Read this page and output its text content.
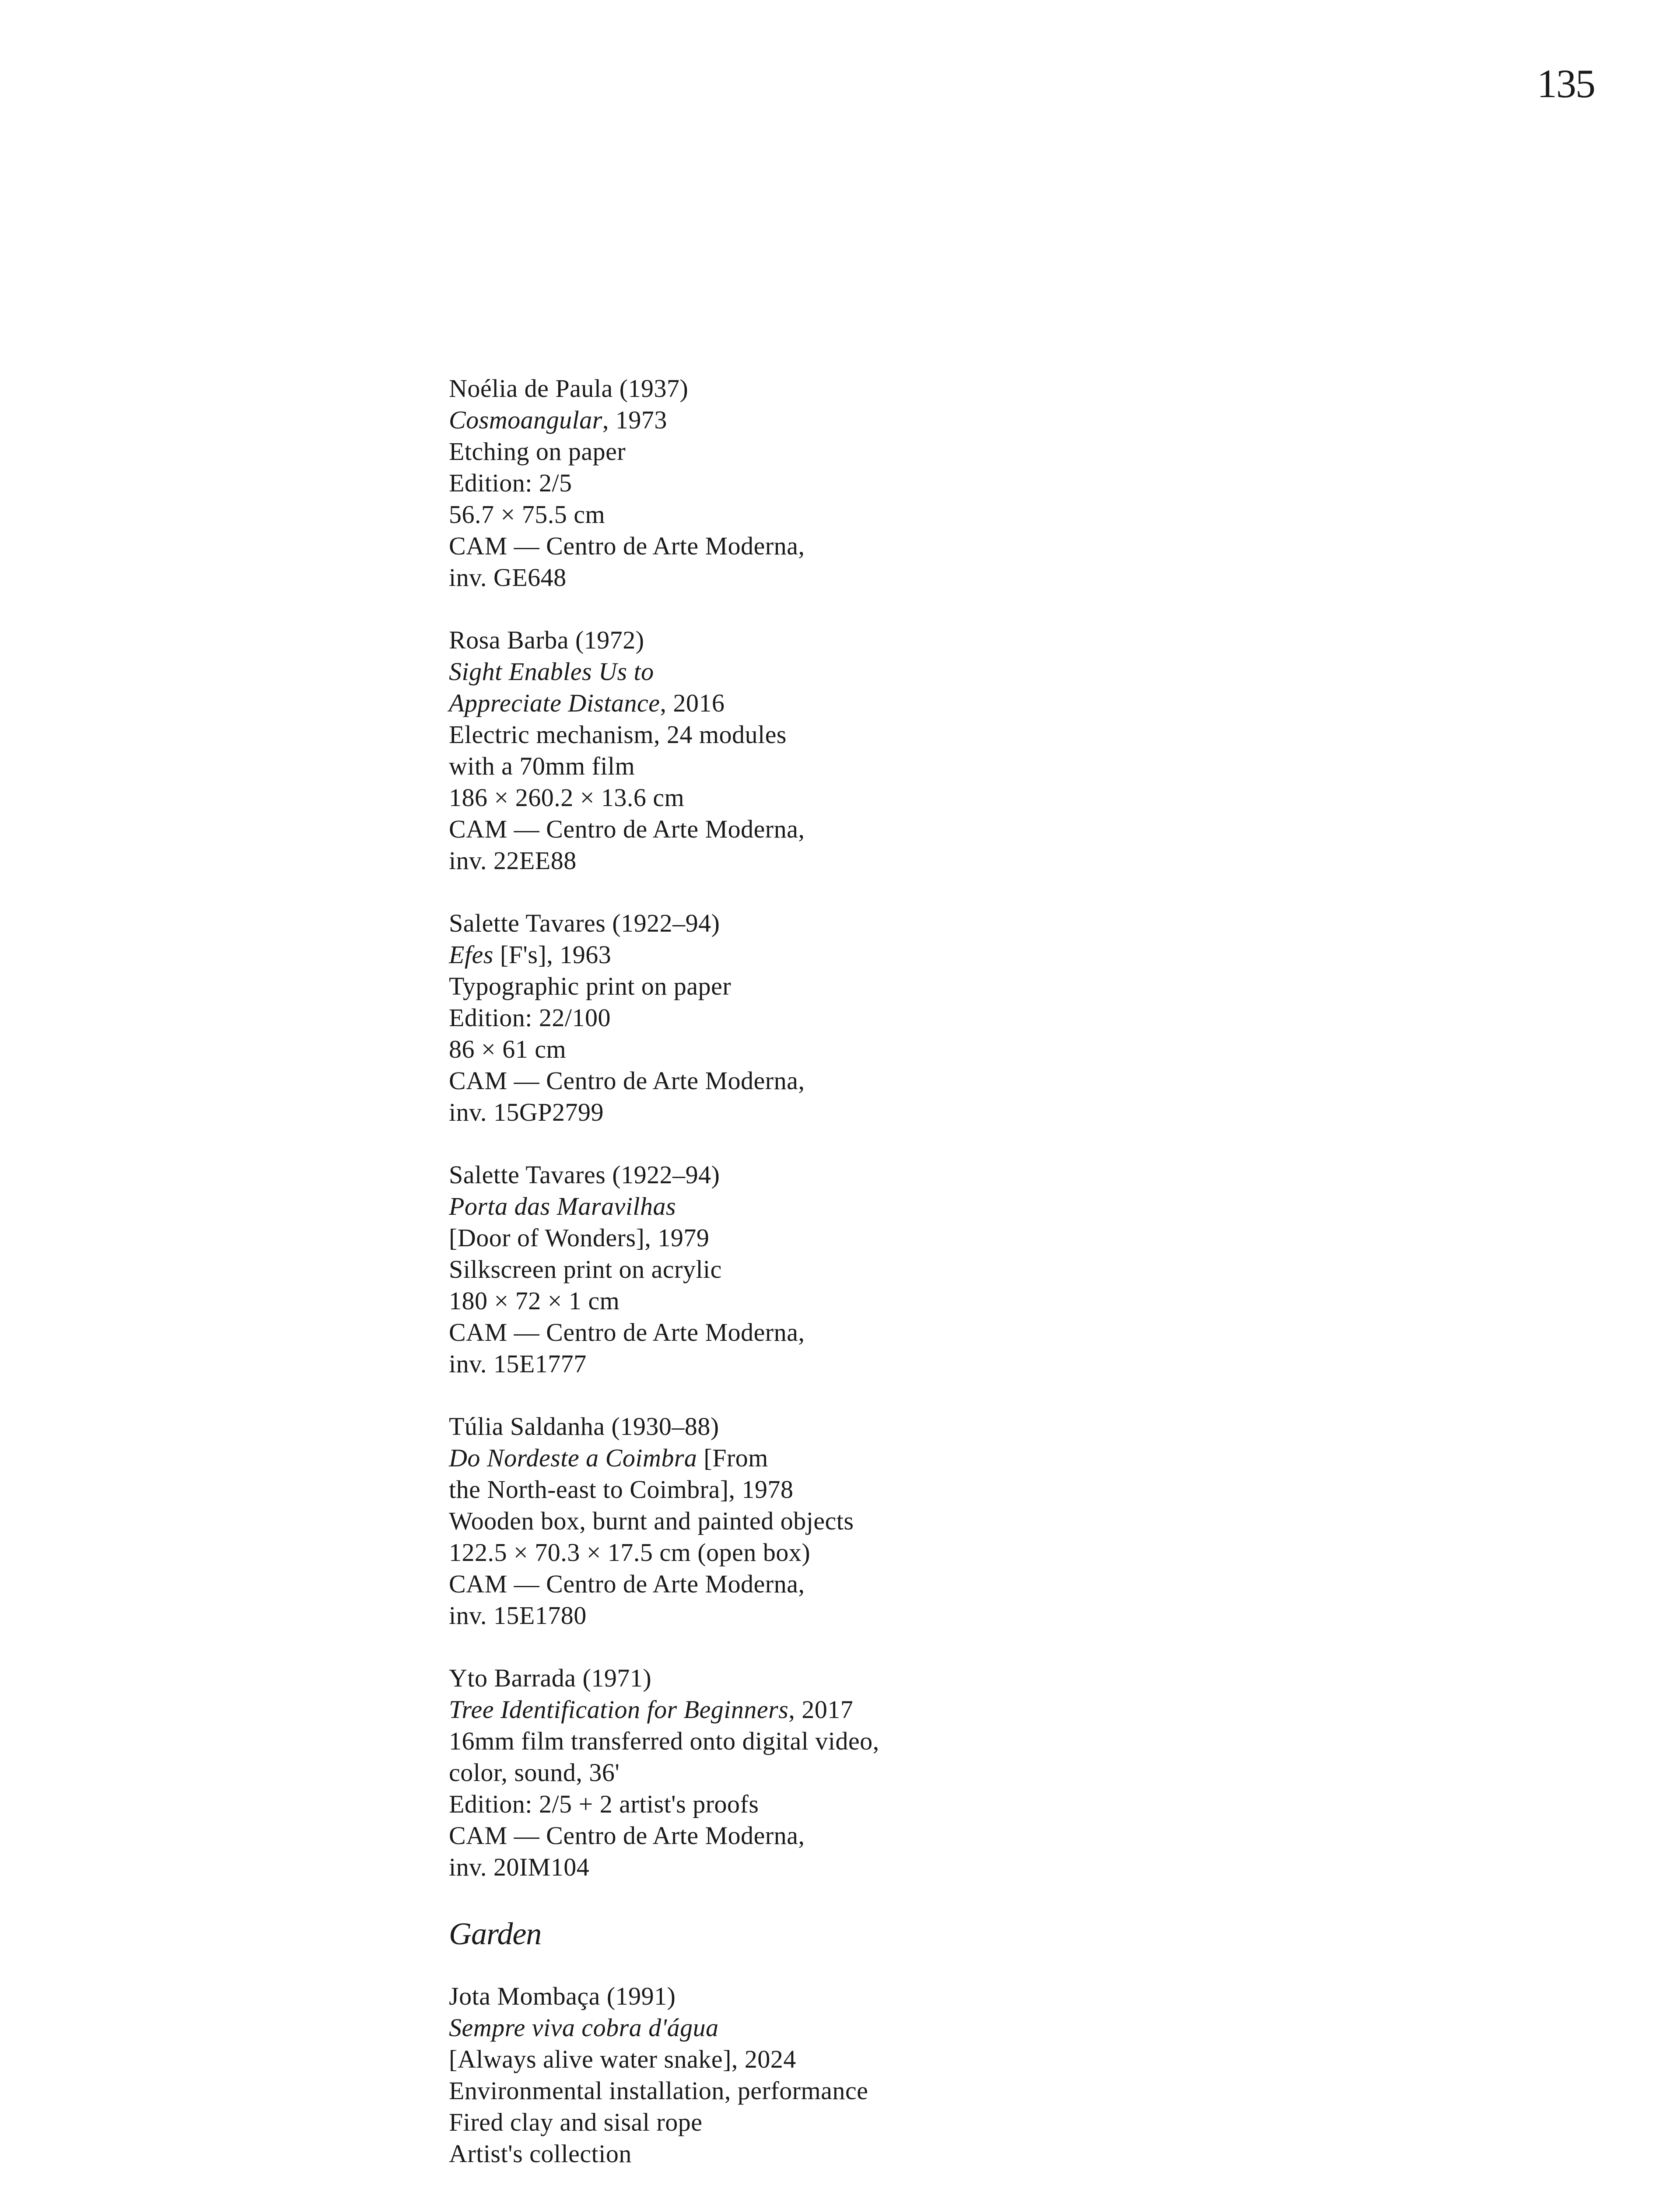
135
Noélia de Paula (1937)
Cosmoangular, 1973
Etching on paper
Edition: 2/5
56.7 × 75.5 cm
CAM — Centro de Arte Moderna,
inv. GE648
Rosa Barba (1972)
Sight Enables Us to
Appreciate Distance, 2016
Electric mechanism, 24 modules
with a 70mm film
186 × 260.2 × 13.6 cm
CAM — Centro de Arte Moderna,
inv. 22EE88
Salette Tavares (1922–94)
Efes [F's], 1963
Typographic print on paper
Edition: 22/100
86 × 61 cm
CAM — Centro de Arte Moderna,
inv. 15GP2799
Salette Tavares (1922–94)
Porta das Maravilhas
[Door of Wonders], 1979
Silkscreen print on acrylic
180 × 72 × 1 cm
CAM — Centro de Arte Moderna,
inv. 15E1777
Túlia Saldanha (1930–88)
Do Nordeste a Coimbra [From
the North-east to Coimbra], 1978
Wooden box, burnt and painted objects
122.5 × 70.3 × 17.5 cm (open box)
CAM — Centro de Arte Moderna,
inv. 15E1780
Yto Barrada (1971)
Tree Identification for Beginners, 2017
16mm film transferred onto digital video,
color, sound, 36'
Edition: 2/5 + 2 artist's proofs
CAM — Centro de Arte Moderna,
inv. 20IM104
Garden
Jota Mombaça (1991)
Sempre viva cobra d'água
[Always alive water snake], 2024
Environmental installation, performance
Fired clay and sisal rope
Artist's collection
